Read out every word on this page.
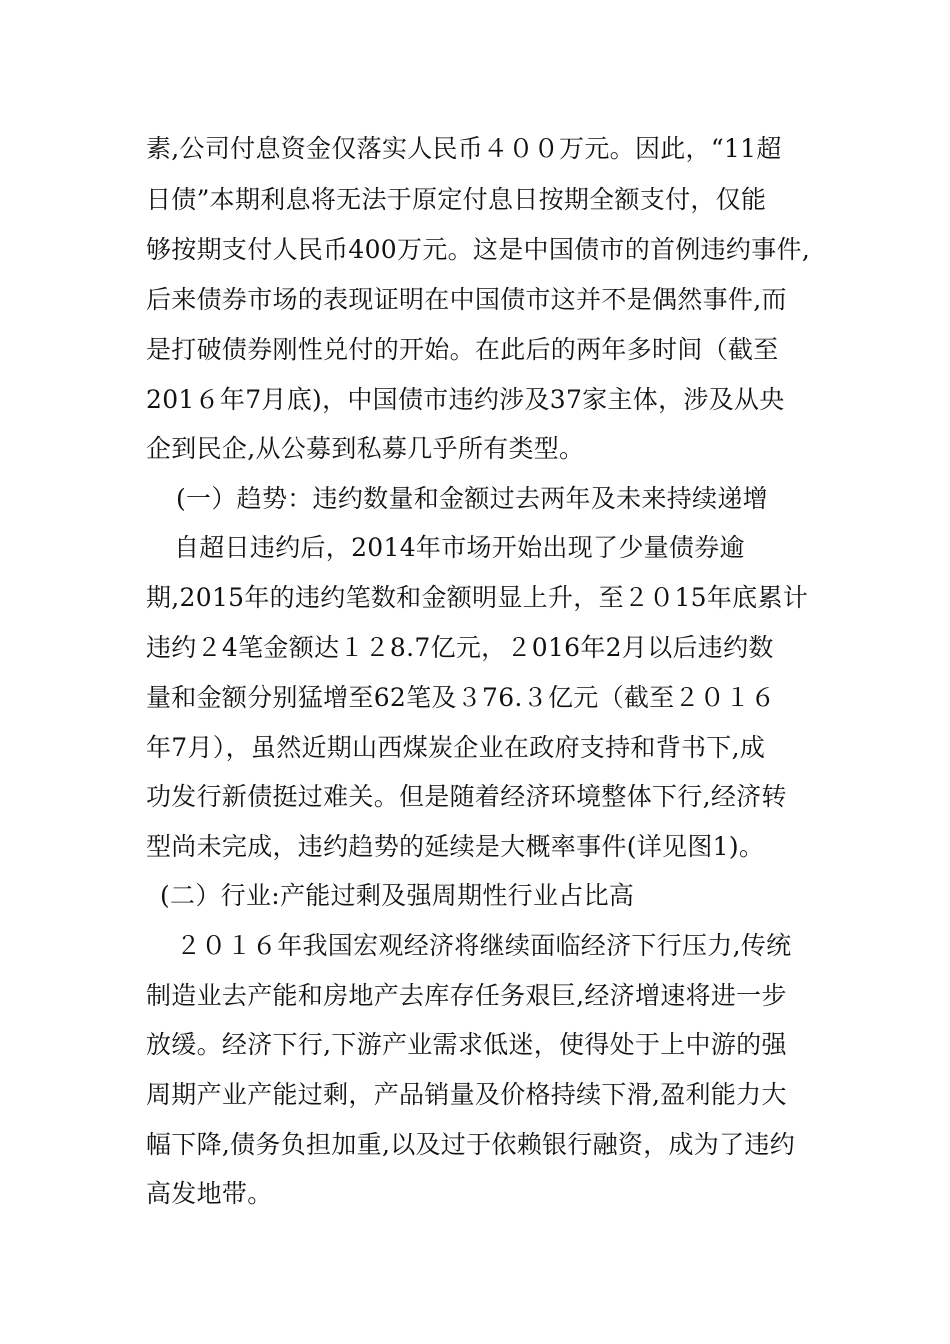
素,公司付息资金仅落实人民币４００万元。因此，“11超
日债”本期利息将无法于原定付息日按期全额支付，仅能
够按期支付人民币400万元。这是中国债市的首例违约事件,
后来债券市场的表现证明在中国债市这并不是偶然事件,而
是打破债券刚性兑付的开始。在此后的两年多时间（截至
201６年7月底)，中国债市违约涉及37家主体，涉及从央
企到民企,从公募到私募几乎所有类型。
(一）趋势：违约数量和金额过去两年及未来持续递增
自超日违约后，2014年市场开始出现了少量债券逾
期,2015年的违约笔数和金额明显上升，至２０15年底累计
违约２4笔金额达１２8.7亿元，２016年2月以后违约数
量和金额分别猛增至62笔及３76.３亿元（截至２０１６
年7月），虽然近期山西煤炭企业在政府支持和背书下,成
功发行新债挺过难关。但是随着经济环境整体下行,经济转
型尚未完成，违约趋势的延续是大概率事件(详见图1)。
(二）行业:产能过剩及强周期性行业占比高
２０１６年我国宏观经济将继续面临经济下行压力,传统
制造业去产能和房地产去库存任务艰巨,经济增速将进一步
放缓。经济下行,下游产业需求低迷，使得处于上中游的强
周期产业产能过剩，产品销量及价格持续下滑,盈利能力大
幅下降,债务负担加重,以及过于依赖银行融资，成为了违约
高发地带。
